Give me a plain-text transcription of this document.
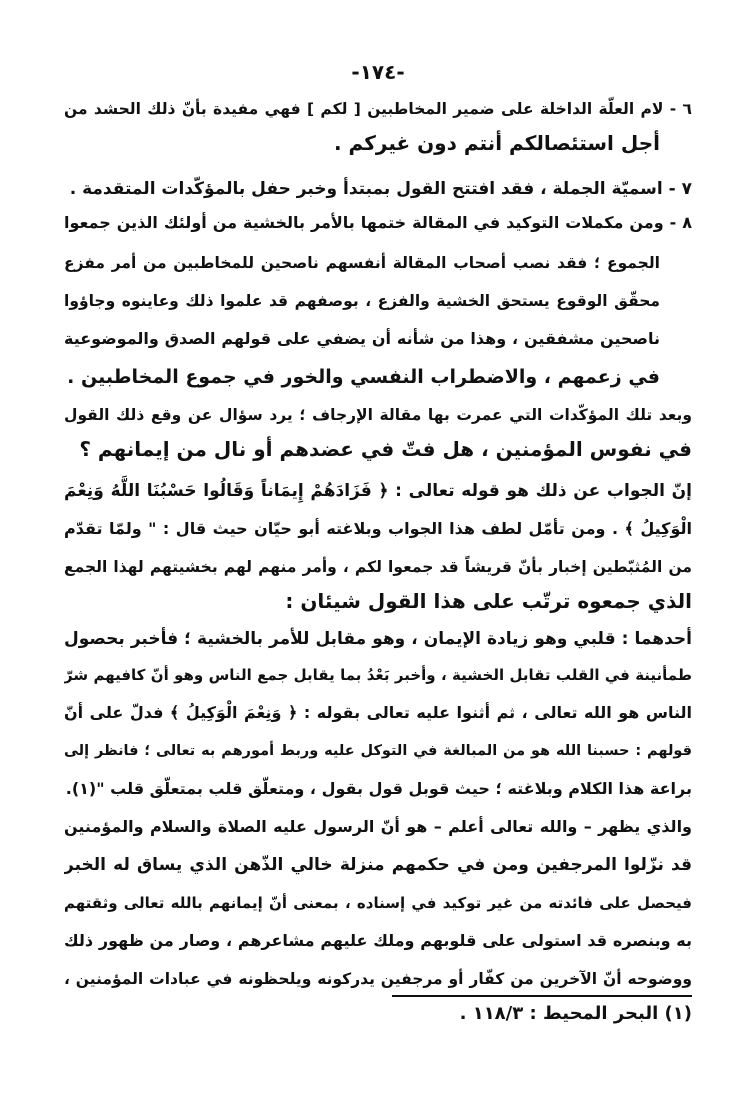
-١٧٤-
٦ - لام العلّة الداخلة على ضمير المخاطبين [ لكم ] فهي مفيدة بأنّ ذلك الحشد من
أجل استئصالكم أنتم دون غيركم .
٧ - اسميّة الجملة ، فقد افتتح القول بمبتدأ وخبر حفل بالمؤكّدات المتقدمة .
٨ - ومن مكملات التوكيد في المقالة ختمها بالأمر بالخشية من أولئك الذين جمعوا
الجموع ؛ فقد نصب أصحاب المقالة أنفسهم ناصحين للمخاطبين من أمر مفزع
محقّق الوقوع يستحق الخشية والفزع ، بوصفهم قد علموا ذلك وعاينوه وجاؤوا
ناصحين مشفقين ، وهذا من شأنه أن يضفي على قولهم الصدق والموضوعية
في زعمهم ، والاضطراب النفسي والخور في جموع المخاطبين .
وبعد تلك المؤكّدات التي عمرت بها مقالة الإرجاف ؛ يرد سؤال عن وقع ذلك القول
في نفوس المؤمنين ، هل فتّ في عضدهم أو نال من إيمانهم ؟
إنّ الجواب عن ذلك هو قوله تعالى : ﴿ فَزَادَهُمْ إِيمَاناً وَقَالُوا حَسْبُنَا اللَّهُ وَنِعْمَ
الْوَكِيلُ ﴾ . ومن تأمّل لطف هذا الجواب وبلاغته أبو حيّان حيث قال : " ولمّا تقدّم
من المُثبّطين إخبار بأنّ قريشاً قد جمعوا لكم ، وأمر منهم لهم بخشيتهم لهذا الجمع
الذي جمعوه ترتّب على هذا القول شيئان :
أحدهما : قلبي وهو زيادة الإيمان ، وهو مقابل للأمر بالخشية ؛ فأخبر بحصول
طمأنينة في القلب تقابل الخشية ، وأخبر بَعْدُ بما يقابل جمع الناس وهو أنّ كافيهم شرّ
الناس هو الله تعالى ، ثم أثنوا عليه تعالى بقوله : ﴿ وَنِعْمَ الْوَكِيلُ ﴾ فدلّ على أنّ
قولهم : حسبنا الله هو من المبالغة في التوكل عليه وربط أمورهم به تعالى ؛ فانظر إلى
براعة هذا الكلام وبلاغته ؛ حيث قوبل قول بقول ، ومتعلّق قلب بمتعلّق قلب "(١).
والذي يظهر – والله تعالى أعلم – هو أنّ الرسول عليه الصلاة والسلام والمؤمنين
قد نزّلوا المرجفين ومن في حكمهم منزلة خالي الذّهن الذي يساق له الخبر
فيحصل على فائدته من غير توكيد في إسناده ، بمعنى أنّ إيمانهم بالله تعالى وثقتهم
به وبنصره قد استولى على قلوبهم وملك عليهم مشاعرهم ، وصار من ظهور ذلك
ووضوحه أنّ الآخرين من كفّار أو مرجفين يدركونه ويلحظونه في عبادات المؤمنين ،
(١) البحر المحيط : ١١٨/٣ .
